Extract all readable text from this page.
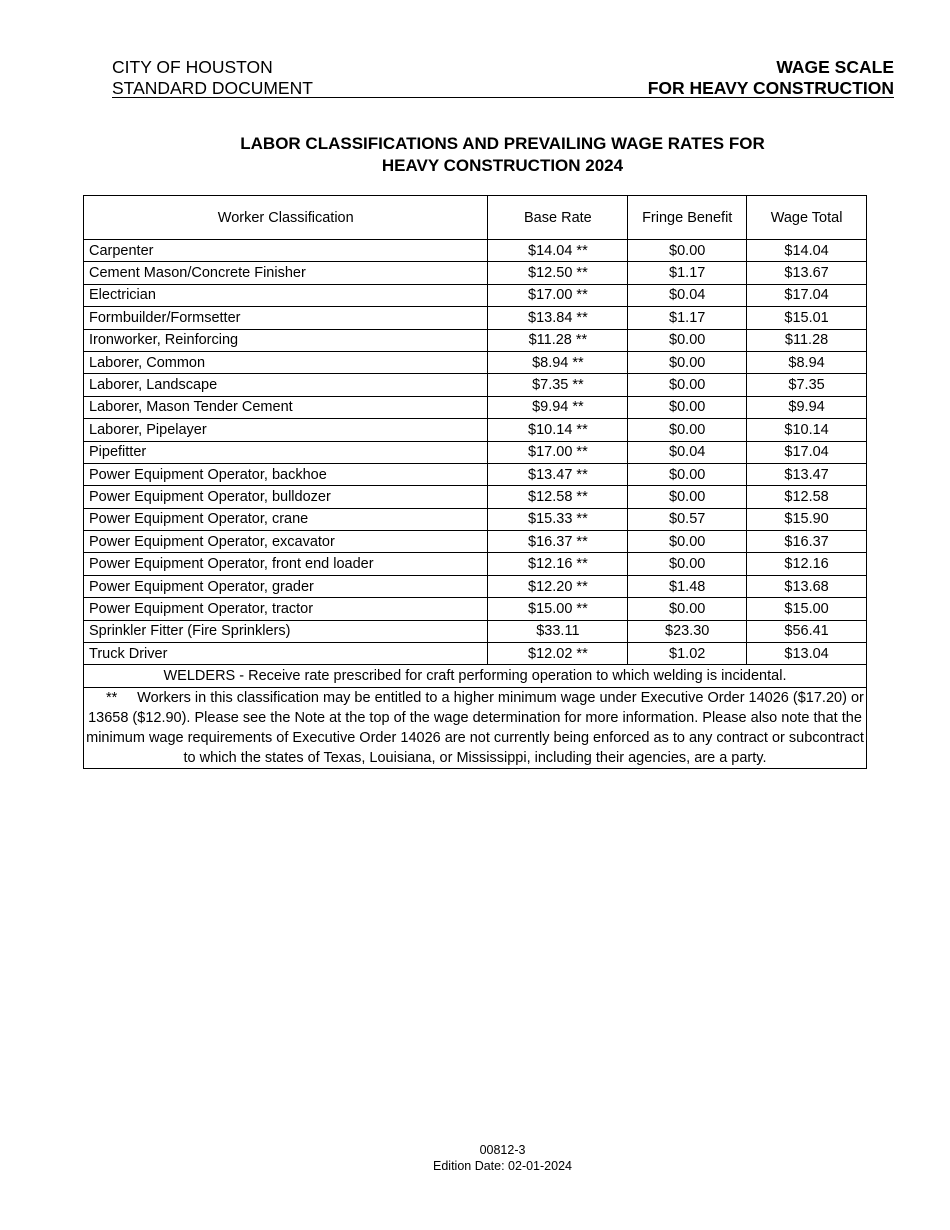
CITY OF HOUSTON
STANDARD DOCUMENT
WAGE SCALE
FOR HEAVY CONSTRUCTION
LABOR CLASSIFICATIONS AND PREVAILING WAGE RATES FOR
HEAVY CONSTRUCTION 2024
Worker Classification	Base Rate	Fringe Benefit	Wage Total
Carpenter	$14.04 **	$0.00	$14.04
Cement Mason/Concrete Finisher	$12.50 **	$1.17	$13.67
Electrician	$17.00 **	$0.04	$17.04
Formbuilder/Formsetter	$13.84 **	$1.17	$15.01
Ironworker, Reinforcing	$11.28 **	$0.00	$11.28
Laborer, Common	$8.94 **	$0.00	$8.94
Laborer, Landscape	$7.35 **	$0.00	$7.35
Laborer, Mason Tender Cement	$9.94 **	$0.00	$9.94
Laborer, Pipelayer	$10.14 **	$0.00	$10.14
Pipefitter	$17.00 **	$0.04	$17.04
Power Equipment Operator, backhoe	$13.47 **	$0.00	$13.47
Power Equipment Operator, bulldozer	$12.58 **	$0.00	$12.58
Power Equipment Operator, crane	$15.33 **	$0.57	$15.90
Power Equipment Operator, excavator	$16.37 **	$0.00	$16.37
Power Equipment Operator, front end loader	$12.16 **	$0.00	$12.16
Power Equipment Operator, grader	$12.20 **	$1.48	$13.68
Power Equipment Operator, tractor	$15.00 **	$0.00	$15.00
Sprinkler Fitter (Fire Sprinklers)	$33.11	$23.30	$56.41
Truck Driver	$12.02 **	$1.02	$13.04
WELDERS - Receive rate prescribed for craft performing operation to which welding is incidental.			
** Workers in this classification may be entitled to a higher minimum wage under Executive Order 14026 ($17.20) or 13658 ($12.90). Please see the Note at the top of the wage determination for more information. Please also note that the minimum wage requirements of Executive Order 14026 are not currently being enforced as to any contract or subcontract to which the states of Texas, Louisiana, or Mississippi, including their agencies, are a party.			
00812-3
Edition Date: 02-01-2024
